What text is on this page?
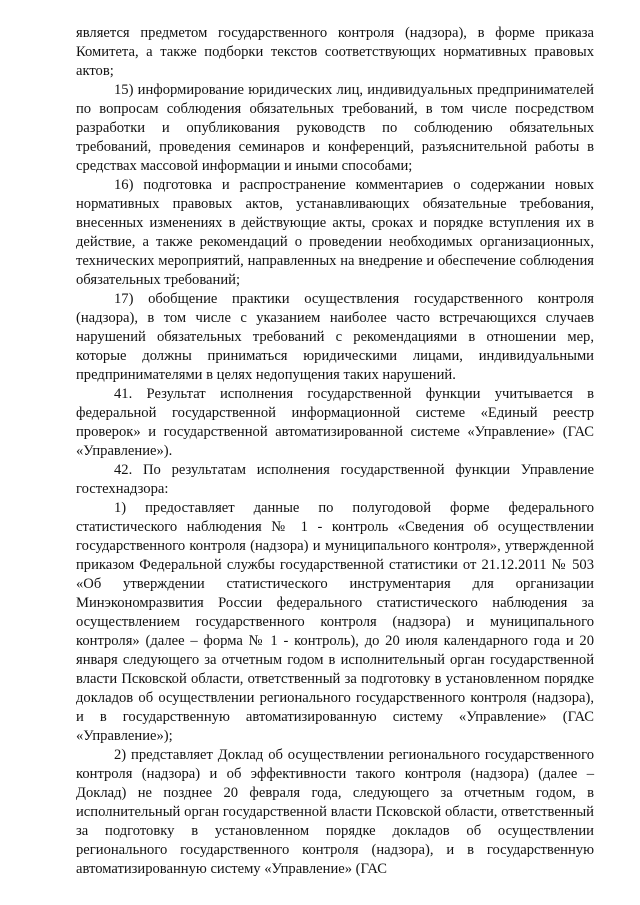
является предметом государственного контроля (надзора), в форме приказа Комитета, а также подборки текстов соответствующих нормативных правовых актов;

15) информирование юридических лиц, индивидуальных предпринимателей по вопросам соблюдения обязательных требований, в том числе посредством разработки и опубликования руководств по соблюдению обязательных требований, проведения семинаров и конференций, разъяснительной работы в средствах массовой информации и иными способами;

16) подготовка и распространение комментариев о содержании новых нормативных правовых актов, устанавливающих обязательные требования, внесенных изменениях в действующие акты, сроках и порядке вступления их в действие, а также рекомендаций о проведении необходимых организационных, технических мероприятий, направленных на внедрение и обеспечение соблюдения обязательных требований;

17) обобщение практики осуществления государственного контроля (надзора), в том числе с указанием наиболее часто встречающихся случаев нарушений обязательных требований с рекомендациями в отношении мер, которые должны приниматься юридическими лицами, индивидуальными предпринимателями в целях недопущения таких нарушений.

41. Результат исполнения государственной функции учитывается в федеральной государственной информационной системе «Единый реестр проверок» и государственной автоматизированной системе «Управление» (ГАС «Управление»).

42. По результатам исполнения государственной функции Управление гостехнадзора:

1) предоставляет данные по полугодовой форме федерального статистического наблюдения № 1 - контроль «Сведения об осуществлении государственного контроля (надзора) и муниципального контроля», утвержденной приказом Федеральной службы государственной статистики от 21.12.2011 № 503 «Об утверждении статистического инструментария для организации Минэкономразвития России федерального статистического наблюдения за осуществлением государственного контроля (надзора) и муниципального контроля» (далее – форма № 1 - контроль), до 20 июля календарного года и 20 января следующего за отчетным годом в исполнительный орган государственной власти Псковской области, ответственный за подготовку в установленном порядке докладов об осуществлении регионального государственного контроля (надзора), и в государственную автоматизированную систему «Управление» (ГАС «Управление»);

2) представляет Доклад об осуществлении регионального государственного контроля (надзора) и об эффективности такого контроля (надзора) (далее – Доклад) не позднее 20 февраля года, следующего за отчетным годом, в исполнительный орган государственной власти Псковской области, ответственный за подготовку в установленном порядке докладов об осуществлении регионального государственного контроля (надзора), и в государственную автоматизированную систему «Управление» (ГАС
